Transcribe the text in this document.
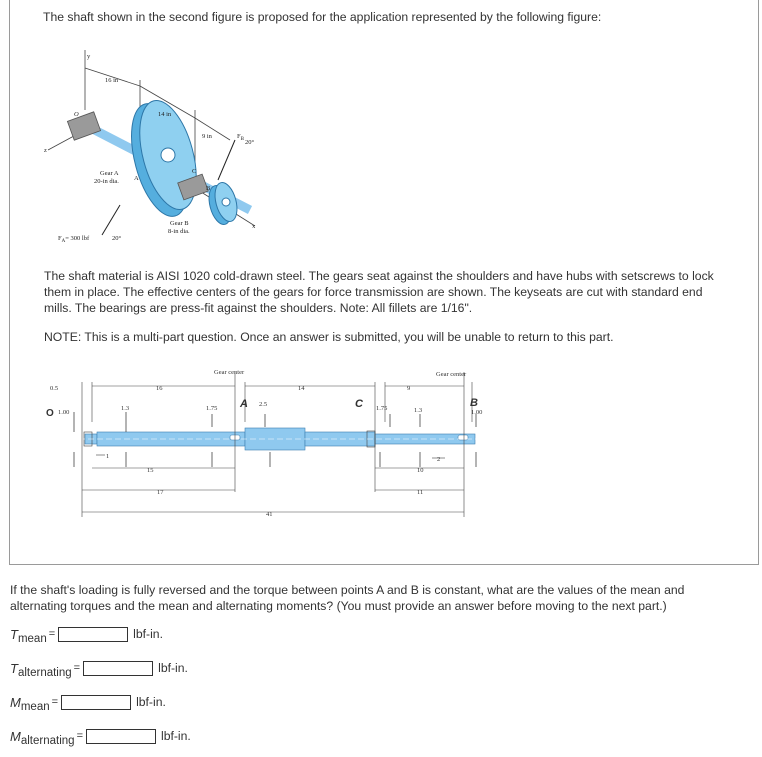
The shaft shown in the second figure is proposed for the application represented by the following figure:

y
O
z
16 in
14 in
9 in
A
C
B
x
$F_B$ 20°
20°
Gear A
20-in dia.
Gear B
8-in dia.
$F_A= 300$ lbf

The shaft material is AISI 1020 cold-drawn steel. The gears seat against the shoulders and have hubs with setscrews to lock them in place. The effective centers of the gears for force transmission are shown. The keyseats are cut with standard end mills. The bearings are press-fit against the shoulders. Note: All fillets are 1/16".

NOTE: This is a multi-part question. Once an answer is submitted, you will be unable to return to this part.

Gear center	Gear center
0.5
O 1.00
16
1.3	1.75 A 2.5
14
C 1.75	1.3
9
B
1.00
1
15
17
2
10
11
41

If the shaft's loading is fully reversed and the torque between points A and B is constant, what are the values of the mean and alternating torques and the mean and alternating moments? (You must provide an answer before moving to the next part.)

Tmean =	lbf-in.
Talternating =	lbf-in.
Mmean =	lbf-in.
Malternating =	lbf-in.
